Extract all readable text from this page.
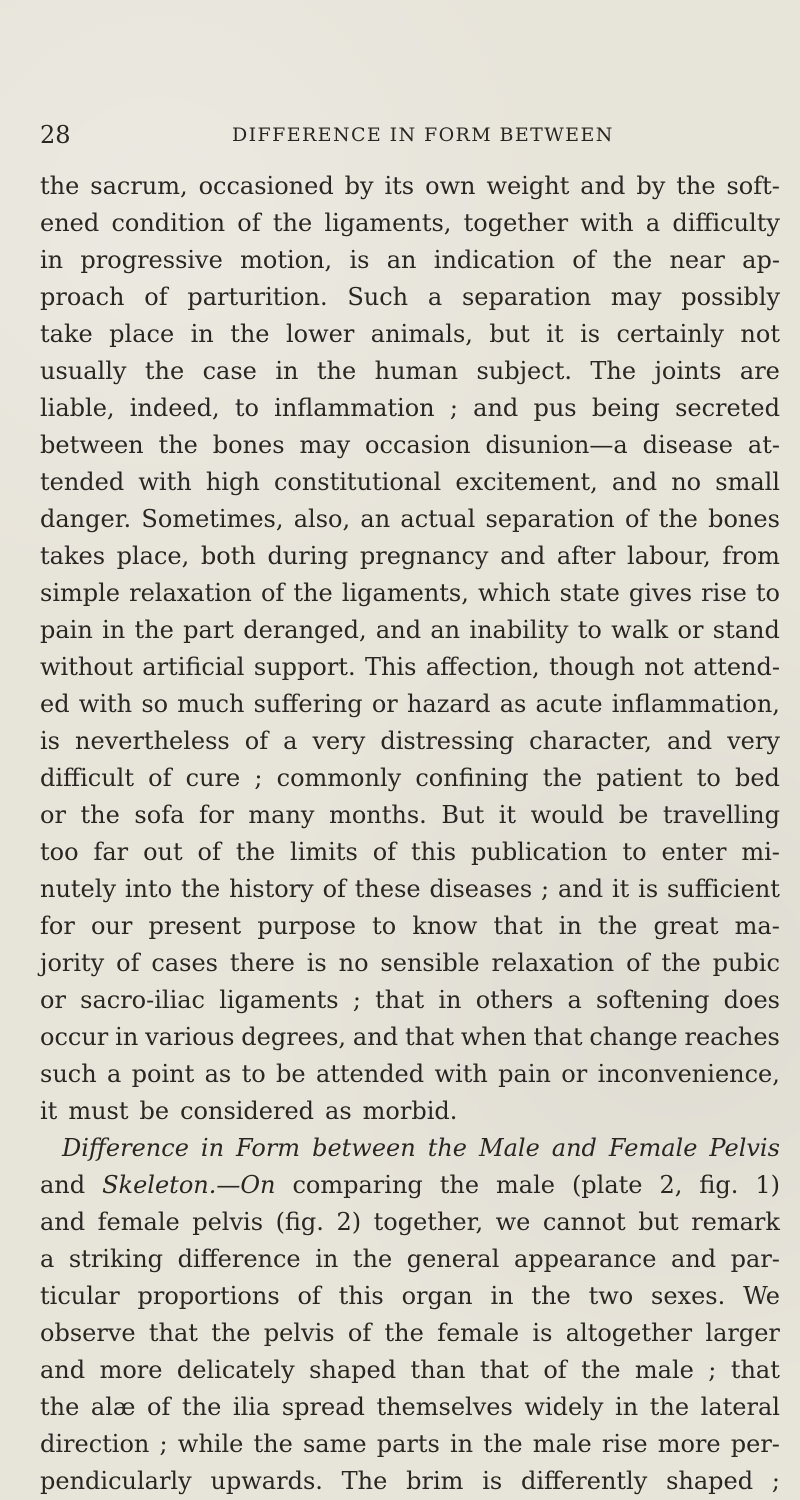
28	DIFFERENCE IN FORM BETWEEN
the sacrum, occasioned by its own weight and by the soft-
ened condition of the ligaments, together with a difficulty
in progressive motion, is an indication of the near ap-
proach of parturition. Such a separation may possibly
take place in the lower animals, but it is certainly not
usually the case in the human subject. The joints are
liable, indeed, to inflammation ; and pus being secreted
between the bones may occasion disunion—a disease at-
tended with high constitutional excitement, and no small
danger. Sometimes, also, an actual separation of the bones
takes place, both during pregnancy and after labour, from
simple relaxation of the ligaments, which state gives rise to
pain in the part deranged, and an inability to walk or stand
without artificial support. This affection, though not attend-
ed with so much suffering or hazard as acute inflammation,
is nevertheless of a very distressing character, and very
difficult of cure ; commonly confining the patient to bed
or the sofa for many months. But it would be travelling
too far out of the limits of this publication to enter mi-
nutely into the history of these diseases ; and it is sufficient
for our present purpose to know that in the great ma-
jority of cases there is no sensible relaxation of the pubic
or sacro-iliac ligaments ; that in others a softening does
occur in various degrees, and that when that change reaches
such a point as to be attended with pain or inconvenience,
it must be considered as morbid.
Difference in Form between the Male and Female Pelvis
and Skeleton.—On comparing the male (plate 2, fig. 1)
and female pelvis (fig. 2) together, we cannot but remark
a striking difference in the general appearance and par-
ticular proportions of this organ in the two sexes. We
observe that the pelvis of the female is altogether larger
and more delicately shaped than that of the male ; that
the alæ of the ilia spread themselves widely in the lateral
direction ; while the same parts in the male rise more per-
pendicularly upwards. The brim is differently shaped ;
